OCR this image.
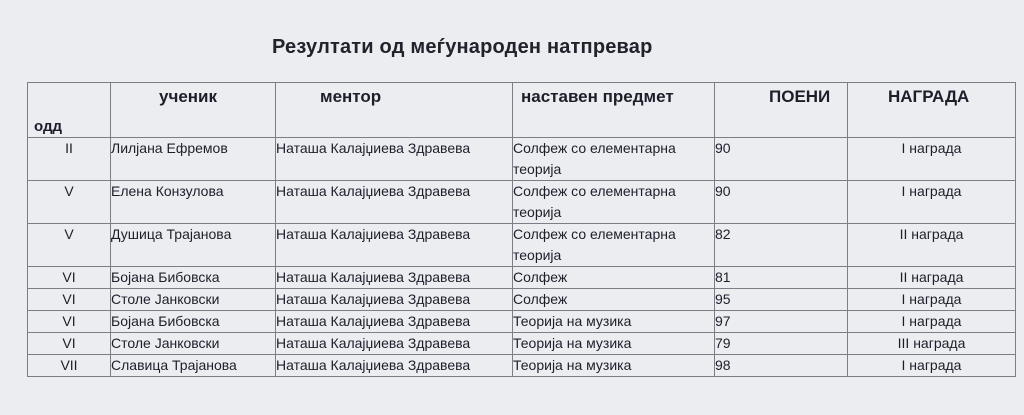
Резултати од меѓународен натпревар
одд	ученик	ментор	наставен предмет	ПОЕНИ	НАГРАДА

II	Лилјана Ефремов	Наташа Калајџиева Здравева	Солфеж со елементарна теорија	90	I награда
V	Елена Конзулова	Наташа Калајџиева Здравева	Солфеж со елементарна теорија	90	I награда
V	Душица Трајанова	Наташа Калајџиева Здравева	Солфеж со елементарна теорија	82	II награда
VI	Бојана Бибовска	Наташа Калајџиева Здравева	Солфеж	81	II награда
VI	Столе Јанковски	Наташа Калајџиева Здравева	Солфеж	95	I награда
VI	Бојана Бибовска	Наташа Калајџиева Здравева	Теорија на музика	97	I награда
VI	Столе Јанковски	Наташа Калајџиева Здравева	Теорија на музика	79	III награда
VII	Славица Трајанова	Наташа Калајџиева Здравева	Теорија на музика	98	I награда
